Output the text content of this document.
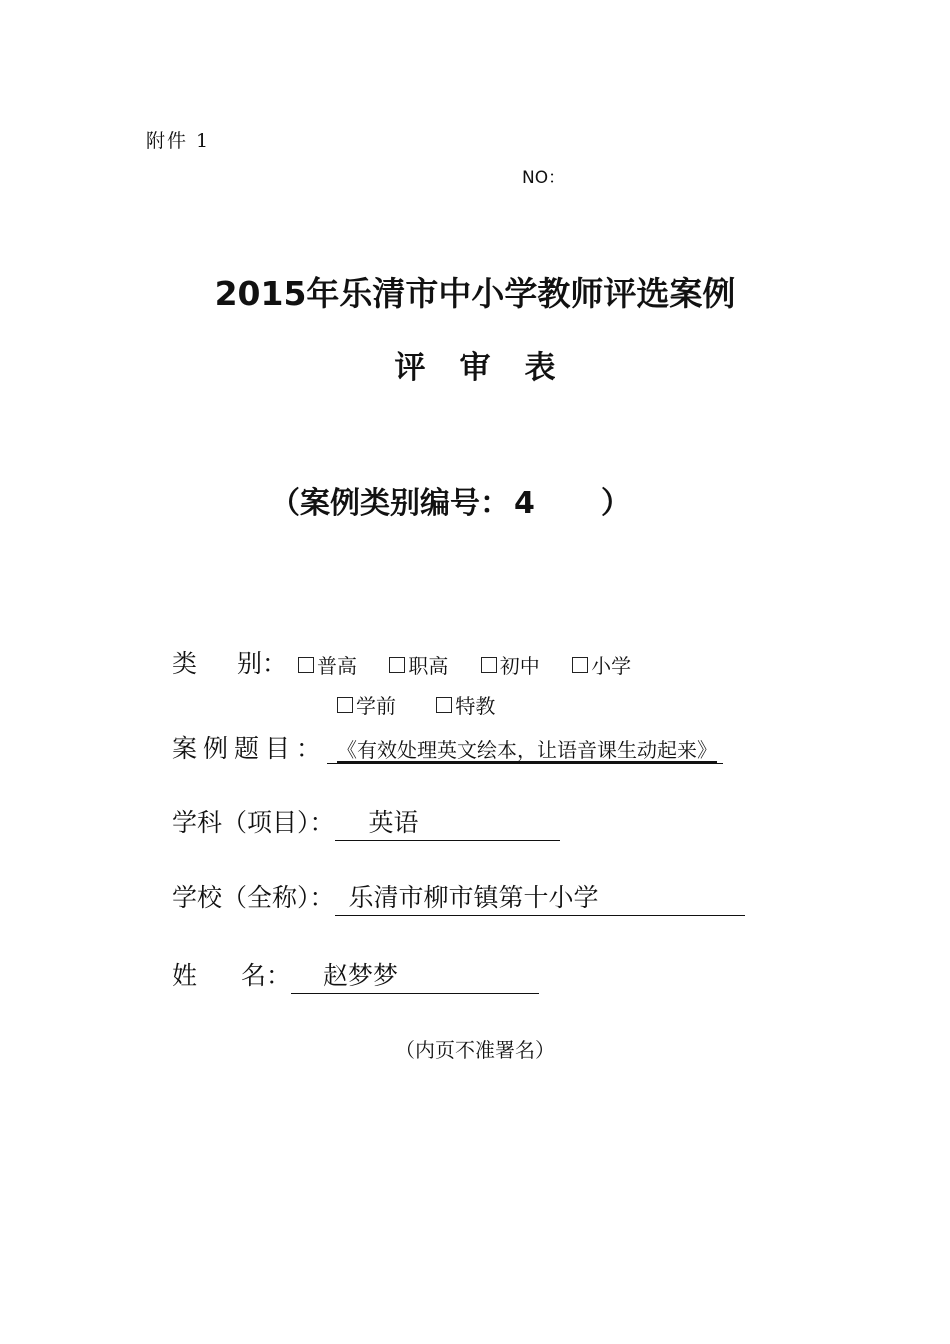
附件 1
NO：
2015年乐清市中小学教师评选案例
评审表
（案例类别编号： 4 ）
类 别： 普高
	职高
	初中
	小学
学前
	特教
案例题目： 《有效处理英文绘本，让语音课生动起来》
学科（项目）： 英语
学校（全称）： 乐清市柳市镇第十小学
姓 名： 赵梦梦
（内页不准署名）
